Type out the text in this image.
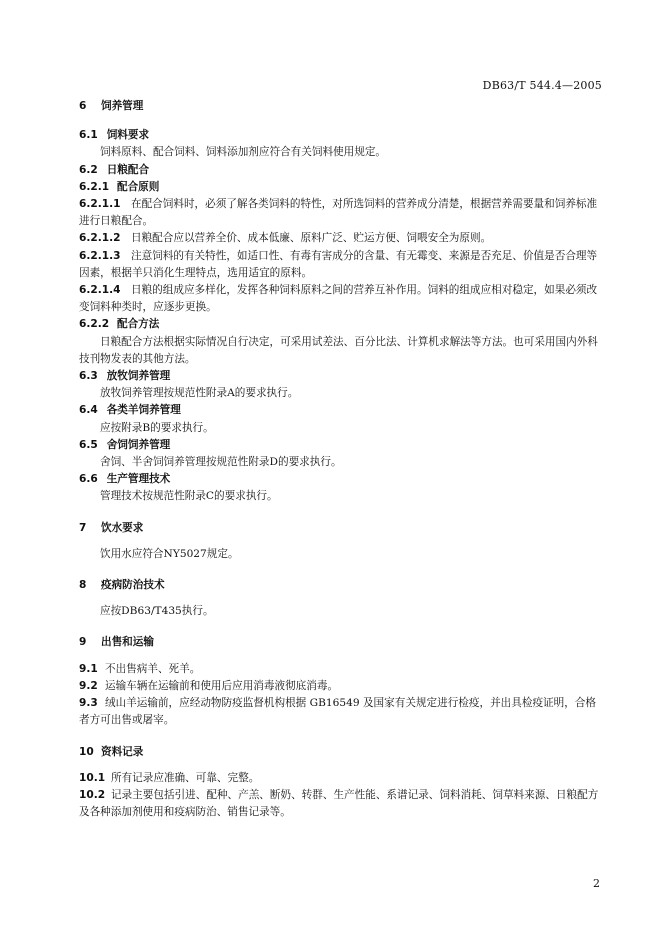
DB63/T 544.4—2005

6 饲养管理

6.1 饲料要求

饲料原料、配合饲料、饲料添加剂应符合有关饲料使用规定。

6.2 日粮配合

6.2.1 配合原则

6.2.1.1 在配合饲料时，必须了解各类饲料的特性，对所选饲料的营养成分清楚，根据营养需要量和饲养标准进行日粮配合。

6.2.1.2 日粮配合应以营养全价、成本低廉、原料广泛、贮运方便、饲喂安全为原则。

6.2.1.3 注意饲料的有关特性，如适口性、有毒有害成分的含量、有无霉变、来源是否充足、价值是否合理等因素，根据羊只消化生理特点，选用适宜的原料。

6.2.1.4 日粮的组成应多样化，发挥各种饲料原料之间的营养互补作用。饲料的组成应相对稳定，如果必须改变饲料种类时，应逐步更换。

6.2.2 配合方法

日粮配合方法根据实际情况自行决定，可采用试差法、百分比法、计算机求解法等方法。也可采用国内外科技刊物发表的其他方法。

6.3 放牧饲养管理

放牧饲养管理按规范性附录A的要求执行。

6.4 各类羊饲养管理

应按附录B的要求执行。

6.5 舍饲饲养管理

舍饲、半舍饲饲养管理按规范性附录D的要求执行。

6.6 生产管理技术

管理技术按规范性附录C的要求执行。

7 饮水要求

饮用水应符合NY5027规定。

8 疫病防治技术

应按DB63/T435执行。

9 出售和运输

9.1 不出售病羊、死羊。

9.2 运输车辆在运输前和使用后应用消毒液彻底消毒。

9.3 绒山羊运输前，应经动物防疫监督机构根据 GB16549 及国家有关规定进行检疫，并出具检疫证明，合格者方可出售或屠宰。

10 资料记录

10.1 所有记录应准确、可靠、完整。

10.2 记录主要包括引进、配种、产羔、断奶、转群、生产性能、系谱记录、饲料消耗、饲草料来源、日粮配方及各种添加剂使用和疫病防治、销售记录等。

2
